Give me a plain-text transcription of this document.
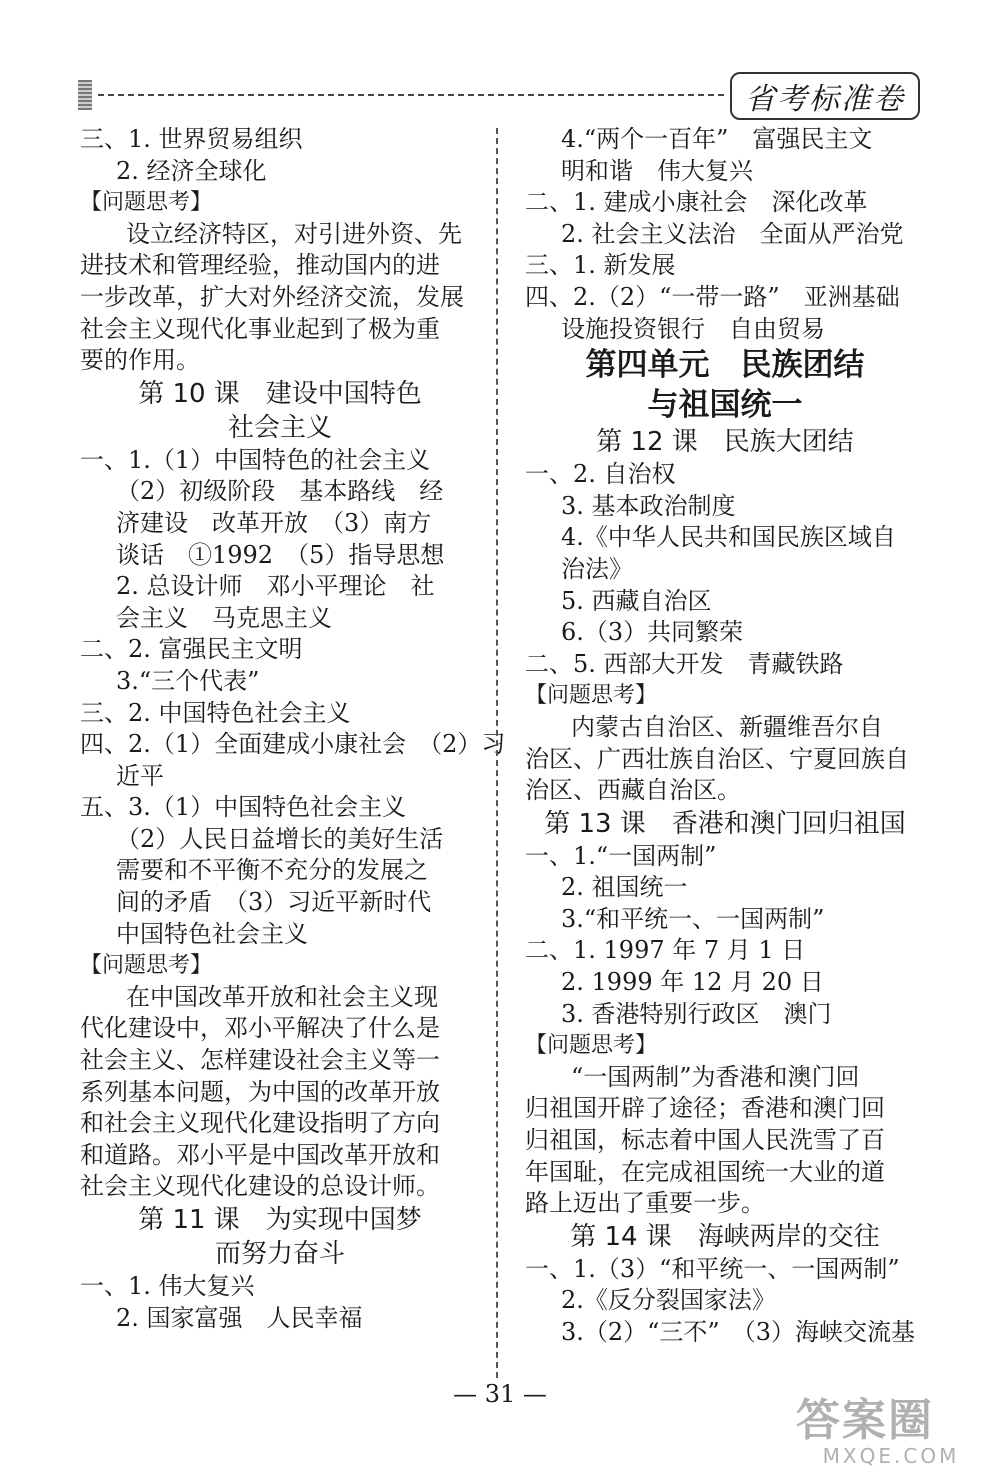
省考标准卷
三、1. 世界贸易组织
2. 经济全球化
【问题思考】
设立经济特区，对引进外资、先
进技术和管理经验，推动国内的进
一步改革，扩大对外经济交流，发展
社会主义现代化事业起到了极为重
要的作用。
第 10 课　建设中国特色
社会主义
一、1.（1）中国特色的社会主义
（2）初级阶段　基本路线　经
济建设　改革开放　（3）南方
谈话　①1992　（5）指导思想
2. 总设计师　邓小平理论　社
会主义　马克思主义
二、2. 富强民主文明
3.“三个代表”
三、2. 中国特色社会主义
四、2.（1）全面建成小康社会　（2）习
近平
五、3.（1）中国特色社会主义
（2）人民日益增长的美好生活
需要和不平衡不充分的发展之
间的矛盾　（3）习近平新时代
中国特色社会主义
【问题思考】
在中国改革开放和社会主义现
代化建设中，邓小平解决了什么是
社会主义、怎样建设社会主义等一
系列基本问题，为中国的改革开放
和社会主义现代化建设指明了方向
和道路。邓小平是中国改革开放和
社会主义现代化建设的总设计师。
第 11 课　为实现中国梦
而努力奋斗
一、1. 伟大复兴
2. 国家富强　人民幸福
4.“两个一百年”　富强民主文
明和谐　伟大复兴
二、1. 建成小康社会　深化改革
2. 社会主义法治　全面从严治党
三、1. 新发展
四、2.（2）“一带一路”　亚洲基础
设施投资银行　自由贸易
第四单元　民族团结
与祖国统一
第 12 课　民族大团结
一、2. 自治权
3. 基本政治制度
4.《中华人民共和国民族区域自
治法》
5. 西藏自治区
6.（3）共同繁荣
二、5. 西部大开发　青藏铁路
【问题思考】
内蒙古自治区、新疆维吾尔自
治区、广西壮族自治区、宁夏回族自
治区、西藏自治区。
第 13 课　香港和澳门回归祖国
一、1.“一国两制”
2. 祖国统一
3.“和平统一、一国两制”
二、1. 1997 年 7 月 1 日
2. 1999 年 12 月 20 日
3. 香港特别行政区　澳门
【问题思考】
“一国两制”为香港和澳门回
归祖国开辟了途径；香港和澳门回
归祖国，标志着中国人民洗雪了百
年国耻，在完成祖国统一大业的道
路上迈出了重要一步。
第 14 课　海峡两岸的交往
一、1.（3）“和平统一、一国两制”
2.《反分裂国家法》
3.（2）“三不”　（3）海峡交流基
— 31 —
答案圈
MXQE.COM
